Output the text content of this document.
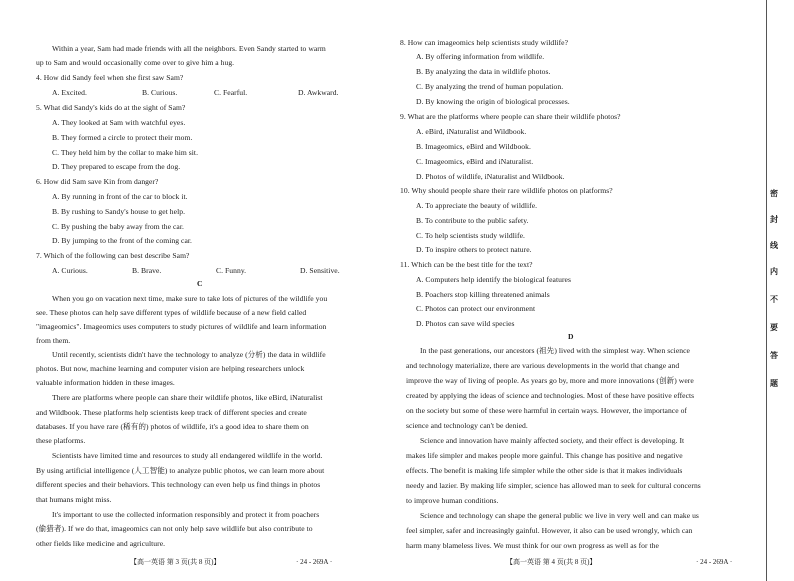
Within a year, Sam had made friends with all the neighbors. Even Sandy started to warm
up to Sam and would occasionally come over to give him a hug.
4. How did Sandy feel when she first saw Sam?
A. Excited.	B. Curious.	C. Fearful.	D. Awkward.
5. What did Sandy's kids do at the sight of Sam?
A. They looked at Sam with watchful eyes.
B. They formed a circle to protect their mom.
C. They held him by the collar to make him sit.
D. They prepared to escape from the dog.
6. How did Sam save Kin from danger?
A. By running in front of the car to block it.
B. By rushing to Sandy's house to get help.
C. By pushing the baby away from the car.
D. By jumping to the front of the coming car.
7. Which of the following can best describe Sam?
A. Curious.	B. Brave.	C. Funny.	D. Sensitive.
C
When you go on vacation next time, make sure to take lots of pictures of the wildlife you
see. These photos can help save different types of wildlife because of a new field called
"imageomics". Imageomics uses computers to study pictures of wildlife and learn information
from them.
Until recently, scientists didn't have the technology to analyze (分析) the data in wildlife
photos. But now, machine learning and computer vision are helping researchers unlock
valuable information hidden in these images.
There are platforms where people can share their wildlife photos, like eBird, iNaturalist
and Wildbook. These platforms help scientists keep track of different species and create
databases. If you have rare (稀有的) photos of wildlife, it's a good idea to share them on
these platforms.
Scientists have limited time and resources to study all endangered wildlife in the world.
By using artificial intelligence (人工智能) to analyze public photos, we can learn more about
different species and their behaviors. This technology can even help us find things in photos
that humans might miss.
It's important to use the collected information responsibly and protect it from poachers
(偷猎者). If we do that, imageomics can not only help save wildlife but also contribute to
other fields like medicine and agriculture.
【高一英语 第 3 页(共 8 页)】	· 24 - 269A ·
8. How can imageomics help scientists study wildlife?
A. By offering information from wildlife.
B. By analyzing the data in wildlife photos.
C. By analyzing the trend of human population.
D. By knowing the origin of biological processes.
9. What are the platforms where people can share their wildlife photos?
A. eBird, iNaturalist and Wildbook.
B. Imageomics, eBird and Wildbook.
C. Imageomics, eBird and iNaturalist.
D. Photos of wildlife, iNaturalist and Wildbook.
10. Why should people share their rare wildlife photos on platforms?
A. To appreciate the beauty of wildlife.
B. To contribute to the public safety.
C. To help scientists study wildlife.
D. To inspire others to protect nature.
11. Which can be the best title for the text?
A. Computers help identify the biological features
B. Poachers stop killing threatened animals
C. Photos can protect our environment
D. Photos can save wild species
D
In the past generations, our ancestors (祖先) lived with the simplest way. When science
and technology materialize, there are various developments in the world that change and
improve the way of living of people. As years go by, more and more innovations (创新) were
created by applying the ideas of science and technologies. Most of these have positive effects
on the society but some of these were harmful in certain ways. However, the importance of
science and technology can't be denied.
Science and innovation have mainly affected society, and their effect is developing. It
makes life simpler and makes people more gainful. This change has positive and negative
effects. The benefit is making life simpler while the other side is that it makes individuals
needy and lazier. By making life simpler, science has allowed man to seek for cultural concerns
to improve human conditions.
Science and technology can shape the general public we live in very well and can make us
feel simpler, safer and increasingly gainful. However, it also can be used wrongly, which can
harm many blameless lives. We must think for our own progress as well as for the
【高一英语 第 4 页(共 8 页)】	· 24 - 269A ·
密
封
线
内
不
要
答
题
